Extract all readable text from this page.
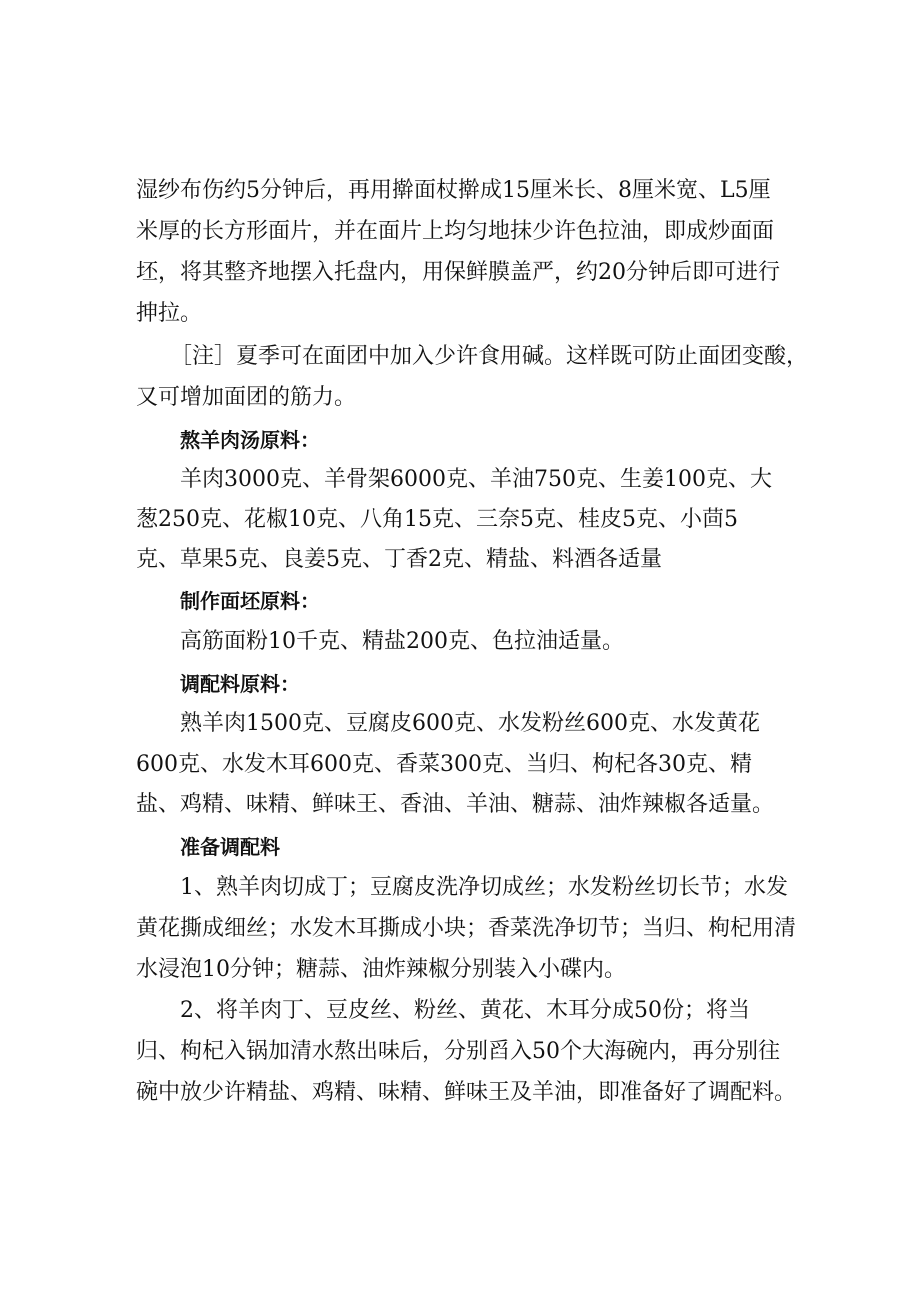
湿纱布伤约5分钟后，再用擀面杖擀成15厘米长、8厘米宽、L5厘
米厚的长方形面片，并在面片上均匀地抹少许色拉油，即成炒面面
坯，将其整齐地摆入托盘内，用保鲜膜盖严，约20分钟后即可进行
抻拉。
［注］夏季可在面团中加入少许食用碱。这样既可防止面团变酸，
又可增加面团的筋力。
熬羊肉汤原料：
羊肉3000克、羊骨架6000克、羊油750克、生姜100克、大
葱250克、花椒10克、八角15克、三奈5克、桂皮5克、小茴5
克、草果5克、良姜5克、丁香2克、精盐、料酒各适量
制作面坯原料：
高筋面粉10千克、精盐200克、色拉油适量。
调配料原料：
熟羊肉1500克、豆腐皮600克、水发粉丝600克、水发黄花
600克、水发木耳600克、香菜300克、当归、枸杞各30克、精
盐、鸡精、味精、鲜味王、香油、羊油、糖蒜、油炸辣椒各适量。
准备调配料
1、熟羊肉切成丁；豆腐皮洗净切成丝；水发粉丝切长节；水发
黄花撕成细丝；水发木耳撕成小块；香菜洗净切节；当归、枸杞用清
水浸泡10分钟；糖蒜、油炸辣椒分别装入小碟内。
2、将羊肉丁、豆皮丝、粉丝、黄花、木耳分成50份；将当
归、枸杞入锅加清水熬出味后，分别舀入50个大海碗内，再分别往
碗中放少许精盐、鸡精、味精、鲜味王及羊油，即准备好了调配料。
